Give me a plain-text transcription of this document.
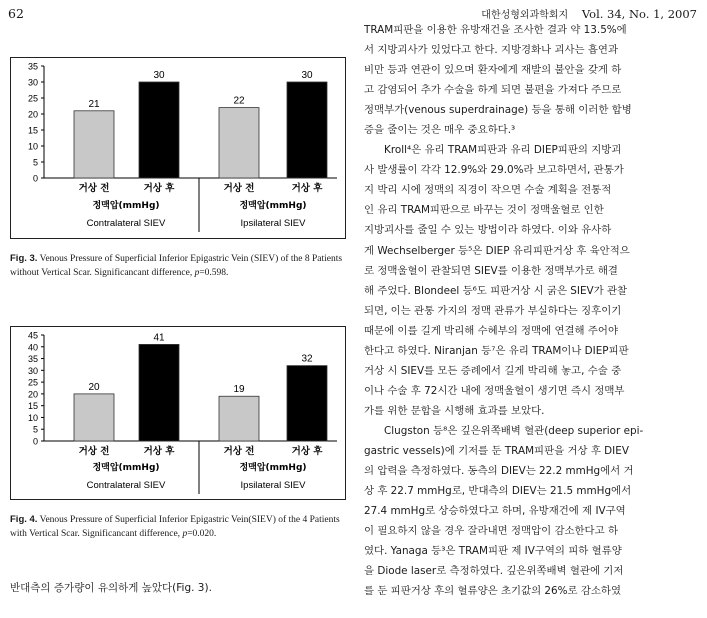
62	대한성형외과학회지 Vol. 34, No. 1, 2007
0
5
10
15
20
25
30
35
21
거상 전
30
거상 후
22
거상 전
30
거상 후
정맥압(mmHg)	정맥압(mmHg)
Contralateral SIEV	Ipsilateral SIEV
Fig. 3. Venous Pressure of Superficial Inferior Epigastric Vein (SIEV) of the 8 Patients without Vertical Scar. Significancant difference, p=0.598.
0
5
10
15
20
25
30
35
40
45
20
거상 전
41
거상 후
19
거상 전
32
거상 후
정맥압(mmHg)	정맥압(mmHg)
Contralateral SIEV	Ipsilateral SIEV
Fig. 4. Venous Pressure of Superficial Inferior Epigastric Vein(SIEV) of the 4 Patients with Vertical Scar. Significancant difference, p=0.020.
반대측의 증가량이 유의하게 높았다(Fig. 3).

TRAM피판을 이용한 유방재건을 조사한 결과 약 13.5%에

서 지방괴사가 있었다고 한다. 지방경화나 괴사는 흡연과

비만 등과 연관이 있으며 환자에게 재발의 불안을 갖게 하

고 감염되어 추가 수술을 하게 되면 불편을 가져다 주므로

정맥부가(venous superdrainage) 등을 통해 이러한 합병

증을 줄이는 것은 매우 중요하다.³

Kroll⁴은 유리 TRAM피판과 유리 DIEP피판의 지방괴

사 발생률이 각각 12.9%와 29.0%라 보고하면서, 관통가

지 박리 시에 정맥의 직경이 작으면 수술 계획을 전통적

인 유리 TRAM피판으로 바꾸는 것이 정맥울혈로 인한

지방괴사를 줄일 수 있는 방법이라 하였다. 이와 유사하

게 Wechselberger 등⁵은 DIEP 유리피판거상 후 육안적으

로 정맥울혈이 관찰되면 SIEV를 이용한 정맥부가로 해결

해 주었다. Blondeel 등⁶도 피판거상 시 굵은 SIEV가 관찰

되면, 이는 관통 가지의 정맥 관류가 부실하다는 징후이기

때문에 이를 길게 박리해 수혜부의 정맥에 연결해 주어야

한다고 하였다. Niranjan 등⁷은 유리 TRAM이나 DIEP피판

거상 시 SIEV를 모든 증례에서 길게 박리해 놓고, 수술 중

이나 수술 후 72시간 내에 정맥울혈이 생기면 즉시 정맥부

가를 위한 문합을 시행해 효과를 보았다.

Clugston 등⁸은 깊은위쪽배벽 혈관(deep superior epi-

gastric vessels)에 기저를 둔 TRAM피판을 거상 후 DIEV

의 압력을 측정하였다. 동측의 DIEV는 22.2 mmHg에서 거

상 후 22.7 mmHg로, 반대측의 DIEV는 21.5 mmHg에서

27.4 mmHg로 상승하였다고 하며, 유방재건에 제 IV구역

이 필요하지 않을 경우 잘라내면 정맥압이 감소한다고 하

였다. Yanaga 등³은 TRAM피판 제 IV구역의 피하 혈류양

을 Diode laser로 측정하였다. 깊은위쪽배벽 혈관에 기저

를 둔 피판거상 후의 혈류양은 초기값의 26%로 감소하였
